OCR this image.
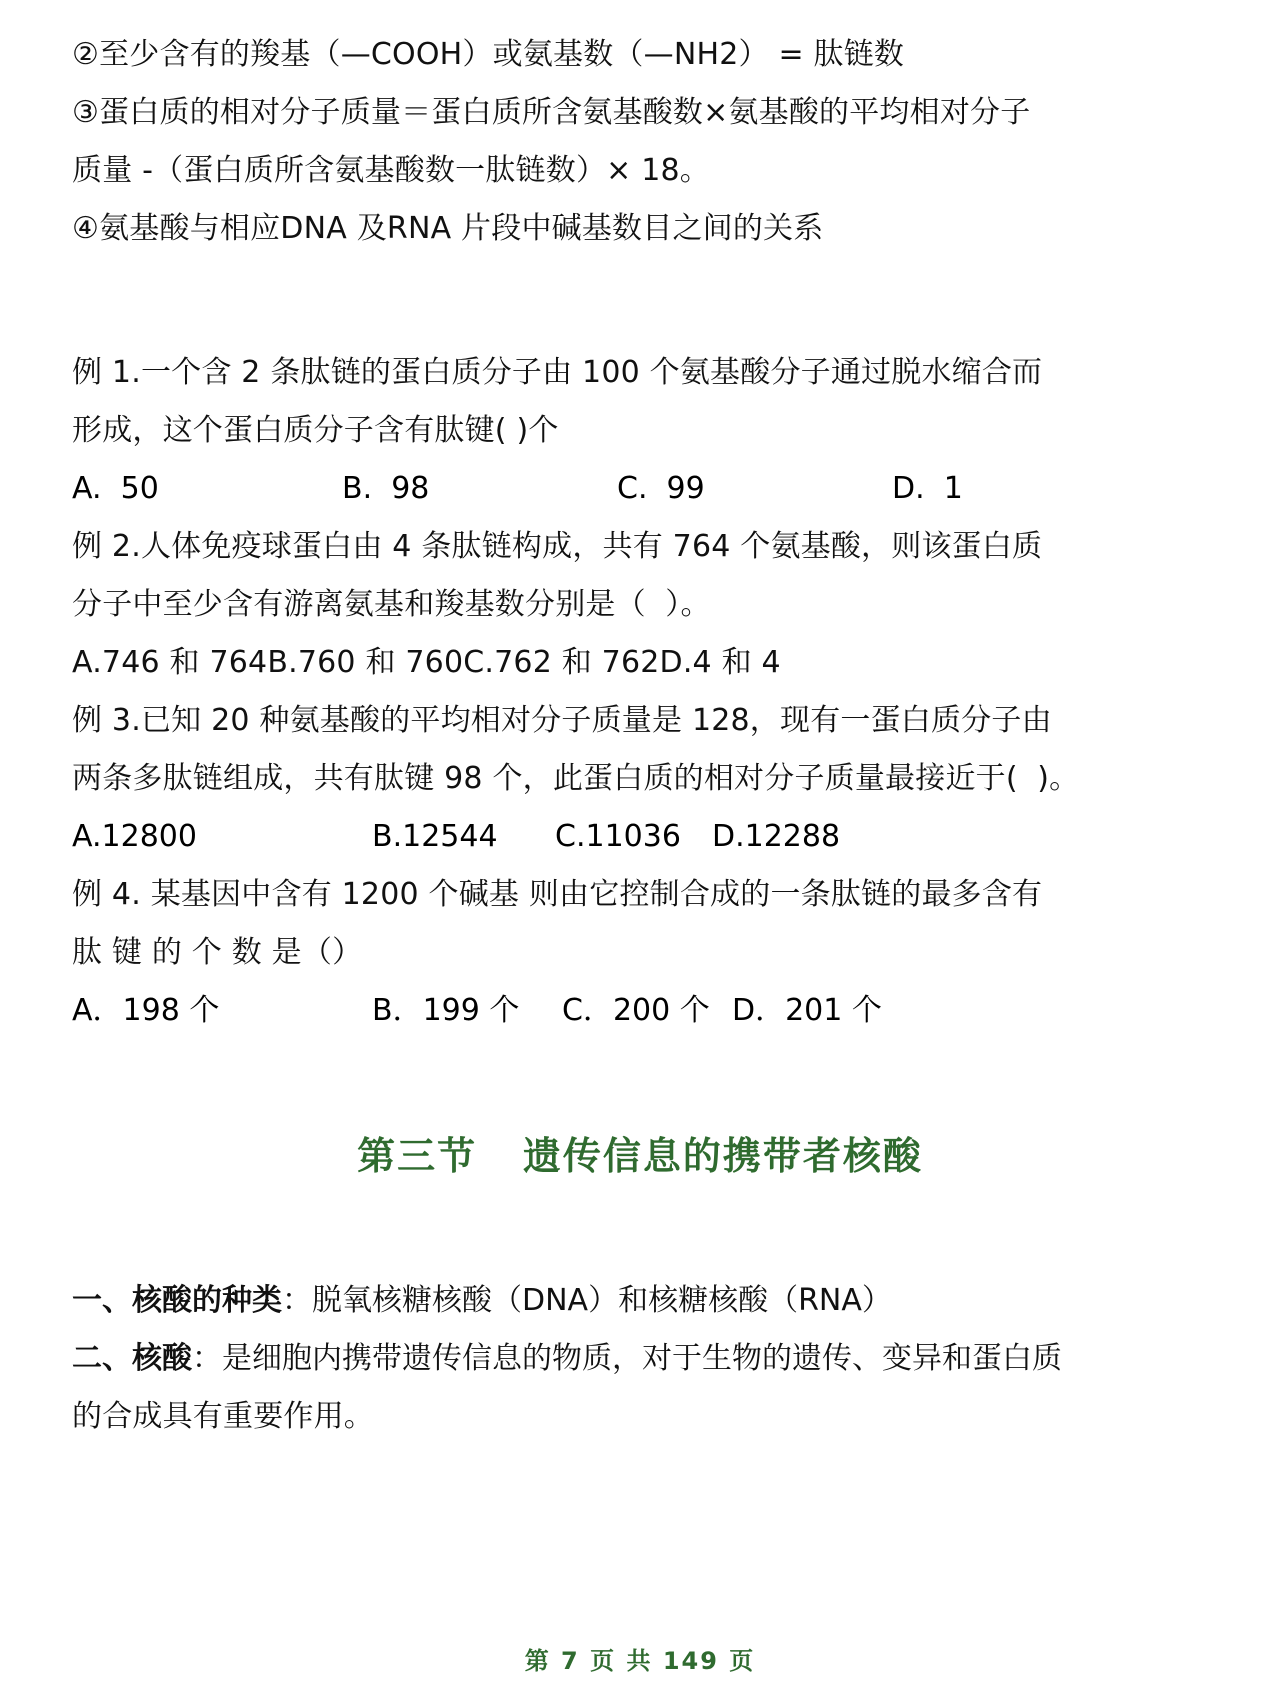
②至少含有的羧基（—COOH）或氨基数（—NH2） = 肽链数
③蛋白质的相对分子质量＝蛋白质所含氨基酸数×氨基酸的平均相对分子
质量 -（蛋白质所含氨基酸数一肽链数）× 18。
④氨基酸与相应DNA 及RNA 片段中碱基数目之间的关系
例 1.一个含 2 条肽链的蛋白质分子由 100 个氨基酸分子通过脱水缩合而
形成，这个蛋白质分子含有肽键( )个

A.  50

	B.  98

	C.  99

	D.  1

例 2.人体免疫球蛋白由 4 条肽链构成，共有 764 个氨基酸，则该蛋白质
分子中至少含有游离氨基和羧基数分别是（  ）。
A.746 和 764B.760 和 760C.762 和 762D.4 和 4
例 3.已知 20 种氨基酸的平均相对分子质量是 128，现有一蛋白质分子由
两条多肽链组成，共有肽键 98 个，此蛋白质的相对分子质量最接近于(  )。

A.12800

	B.12544

C.11036

D.12288

例 4. 某基因中含有 1200 个碱基 则由它控制合成的一条肽链的最多含有
肽 键 的 个 数 是（）

A．198 个

	B．199 个

C．200 个

D．201 个

第三节   遗传信息的携带者核酸
一、核酸的种类：脱氧核糖核酸（DNA）和核糖核酸（RNA）
二、核酸：是细胞内携带遗传信息的物质，对于生物的遗传、变异和蛋白质
的合成具有重要作用。
第 7 页 共 149 页
